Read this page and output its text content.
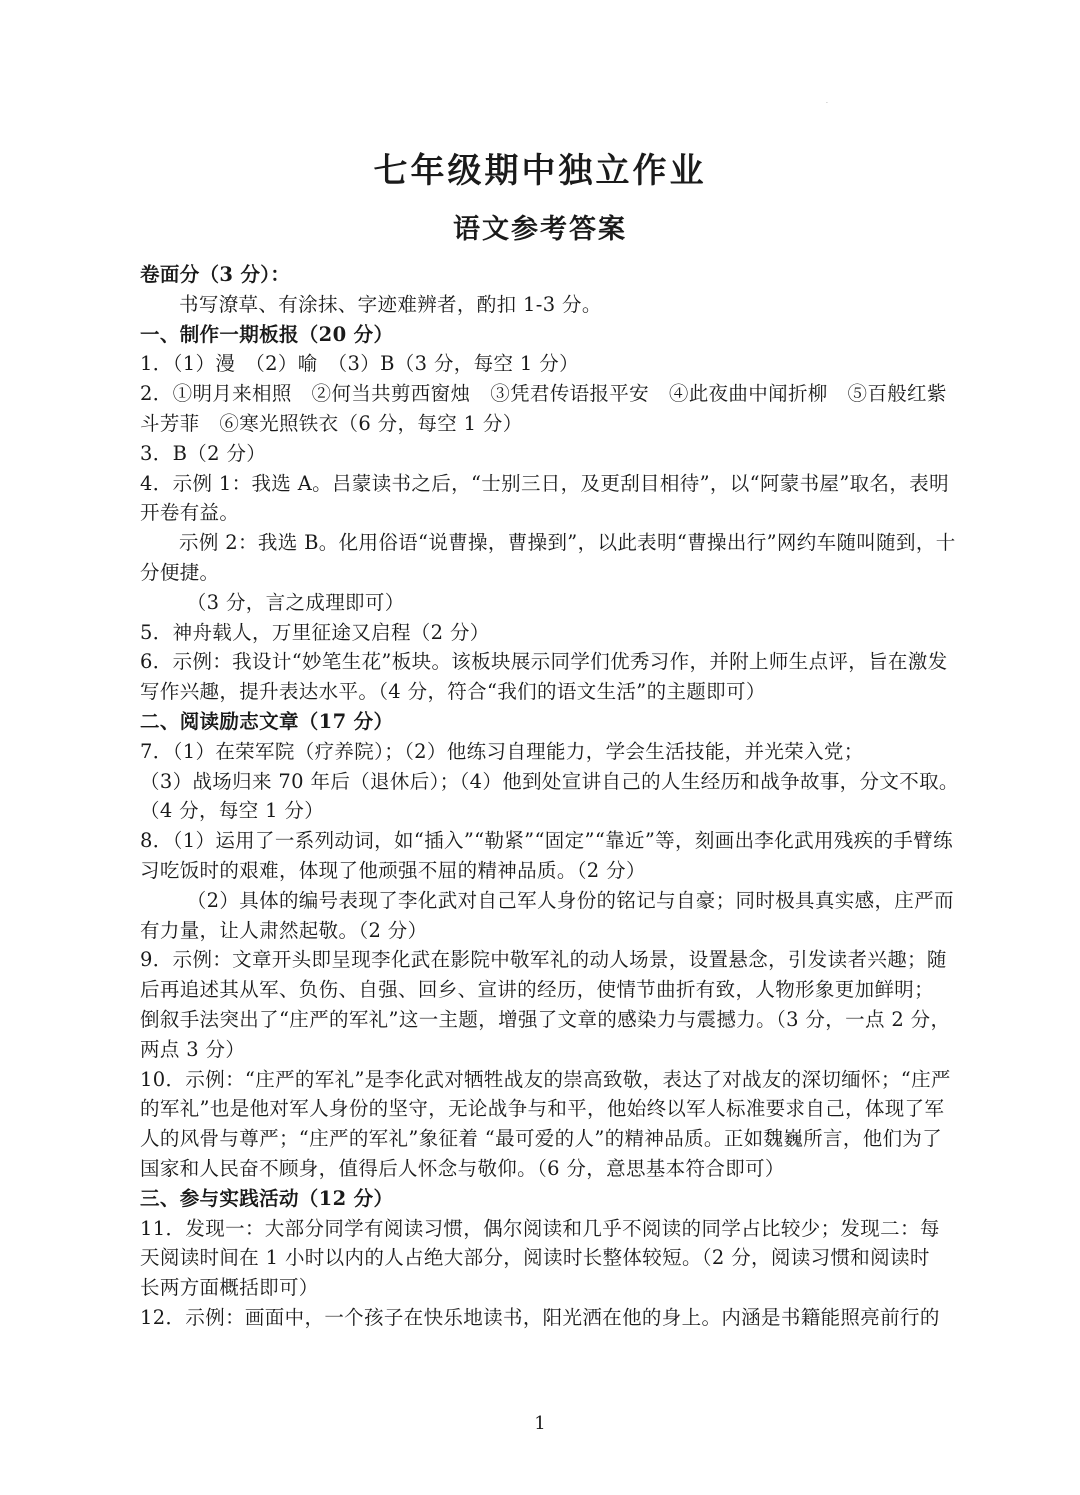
·
七年级期中独立作业
语文参考答案
卷面分（3 分）：
书写潦草、有涂抹、字迹难辨者，酌扣 1-3 分。
一、制作一期板报（20 分）
1．（1）漫　（2）喻　（3）B（3 分，每空 1 分）
2．①明月来相照　②何当共剪西窗烛　③凭君传语报平安　④此夜曲中闻折柳　⑤百般红紫
斗芳菲　⑥寒光照铁衣（6 分，每空 1 分）
3．B（2 分）
4．示例 1：我选 A。吕蒙读书之后，“士别三日，及更刮目相待”，以“阿蒙书屋”取名，表明
开卷有益。
示例 2：我选 B。化用俗语“说曹操，曹操到”，以此表明“曹操出行”网约车随叫随到，十
分便捷。
（3 分，言之成理即可）
5．神舟载人，万里征途又启程（2 分）
6．示例：我设计“妙笔生花”板块。该板块展示同学们优秀习作，并附上师生点评，旨在激发
写作兴趣，提升表达水平。（4 分，符合“我们的语文生活”的主题即可）
二、阅读励志文章（17 分）
7．（1）在荣军院（疗养院）；（2）他练习自理能力，学会生活技能，并光荣入党；
（3）战场归来 70 年后（退休后）；（4）他到处宣讲自己的人生经历和战争故事，分文不取。
（4 分，每空 1 分）
8．（1）运用了一系列动词，如“插入”“勒紧”“固定”“靠近”等，刻画出李化武用残疾的手臂练
习吃饭时的艰难，体现了他顽强不屈的精神品质。（2 分）
（2）具体的编号表现了李化武对自己军人身份的铭记与自豪；同时极具真实感，庄严而
有力量，让人肃然起敬。（2 分）
9．示例：文章开头即呈现李化武在影院中敬军礼的动人场景，设置悬念，引发读者兴趣；随
后再追述其从军、负伤、自强、回乡、宣讲的经历，使情节曲折有致，人物形象更加鲜明；
倒叙手法突出了“庄严的军礼”这一主题，增强了文章的感染力与震撼力。（3 分，一点 2 分，
两点 3 分）
10．示例：“庄严的军礼”是李化武对牺牲战友的崇高致敬，表达了对战友的深切缅怀；“庄严
的军礼”也是他对军人身份的坚守，无论战争与和平，他始终以军人标准要求自己，体现了军
人的风骨与尊严；“庄严的军礼”象征着 “最可爱的人”的精神品质。正如魏巍所言，他们为了
国家和人民奋不顾身，值得后人怀念与敬仰。（6 分，意思基本符合即可）
三、参与实践活动（12 分）
11．发现一：大部分同学有阅读习惯，偶尔阅读和几乎不阅读的同学占比较少；发现二：每
天阅读时间在 1 小时以内的人占绝大部分，阅读时长整体较短。（2 分，阅读习惯和阅读时
长两方面概括即可）
12．示例：画面中，一个孩子在快乐地读书，阳光洒在他的身上。内涵是书籍能照亮前行的
1
